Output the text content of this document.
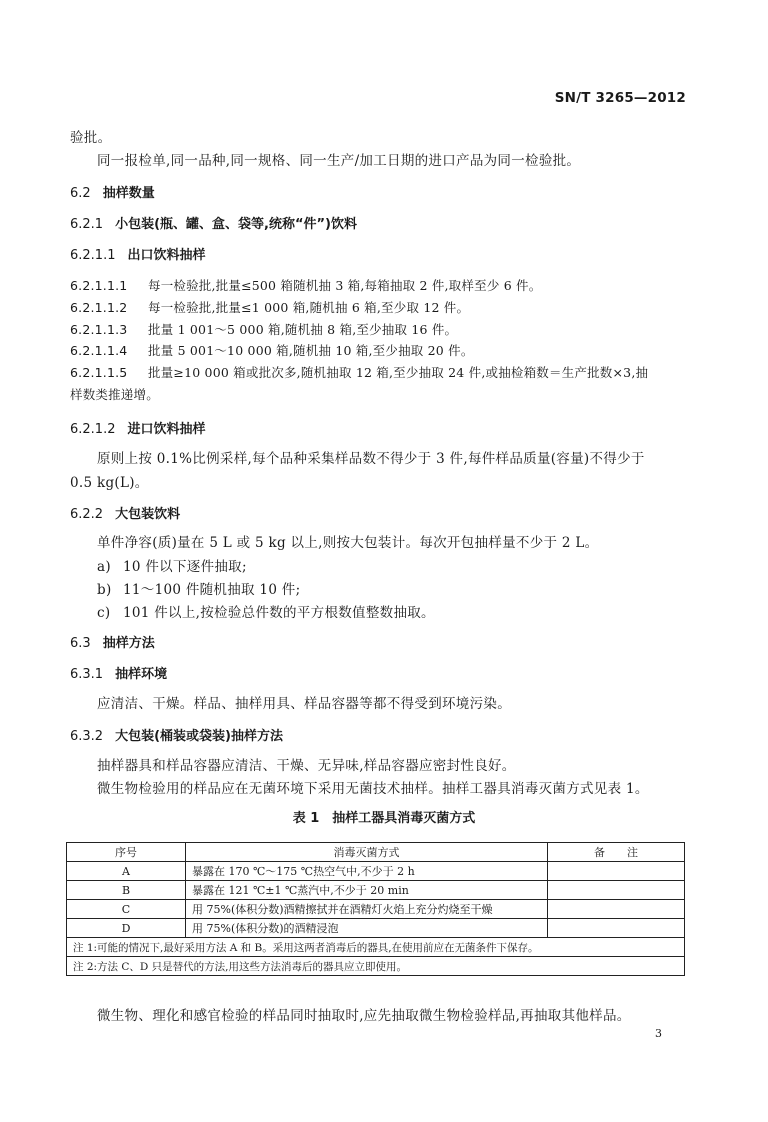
SN/T 3265—2012
验批。
同一报检单,同一品种,同一规格、同一生产/加工日期的进口产品为同一检验批。
6.2 抽样数量
6.2.1 小包装(瓶、罐、盒、袋等,统称“件”)饮料
6.2.1.1 出口饮料抽样
6.2.1.1.1 每一检验批,批量≤500 箱随机抽 3 箱,每箱抽取 2 件,取样至少 6 件。
6.2.1.1.2 每一检验批,批量≤1 000 箱,随机抽 6 箱,至少取 12 件。
6.2.1.1.3 批量 1 001～5 000 箱,随机抽 8 箱,至少抽取 16 件。
6.2.1.1.4 批量 5 001～10 000 箱,随机抽 10 箱,至少抽取 20 件。
6.2.1.1.5 批量≥10 000 箱或批次多,随机抽取 12 箱,至少抽取 24 件,或抽检箱数＝生产批数×3,抽
样数类推递增。
6.2.1.2 进口饮料抽样
原则上按 0.1%比例采样,每个品种采集样品数不得少于 3 件,每件样品质量(容量)不得少于
0.5 kg(L)。
6.2.2 大包装饮料
单件净容(质)量在 5 L 或 5 kg 以上,则按大包装计。每次开包抽样量不少于 2 L。
a) 10 件以下逐件抽取;
b) 11～100 件随机抽取 10 件;
c) 101 件以上,按检验总件数的平方根数值整数抽取。
6.3 抽样方法
6.3.1 抽样环境
应清洁、干燥。样品、抽样用具、样品容器等都不得受到环境污染。
6.3.2 大包装(桶装或袋装)抽样方法
抽样器具和样品容器应清洁、干燥、无异味,样品容器应密封性良好。
微生物检验用的样品应在无菌环境下采用无菌技术抽样。抽样工器具消毒灭菌方式见表 1。
表 1　抽样工器具消毒灭菌方式
序号	消毒灭菌方式	备　　注
A	暴露在 170 ℃～175 ℃热空气中,不少于 2 h	
B	暴露在 121 ℃±1 ℃蒸汽中,不少于 20 min	
C	用 75%(体积分数)酒精擦拭并在酒精灯火焰上充分灼烧至干燥	
D	用 75%(体积分数)的酒精浸泡	
注 1:可能的情况下,最好采用方法 A 和 B。采用这两者消毒后的器具,在使用前应在无菌条件下保存。		
注 2:方法 C、D 只是替代的方法,用这些方法消毒后的器具应立即使用。		
微生物、理化和感官检验的样品同时抽取时,应先抽取微生物检验样品,再抽取其他样品。
3
